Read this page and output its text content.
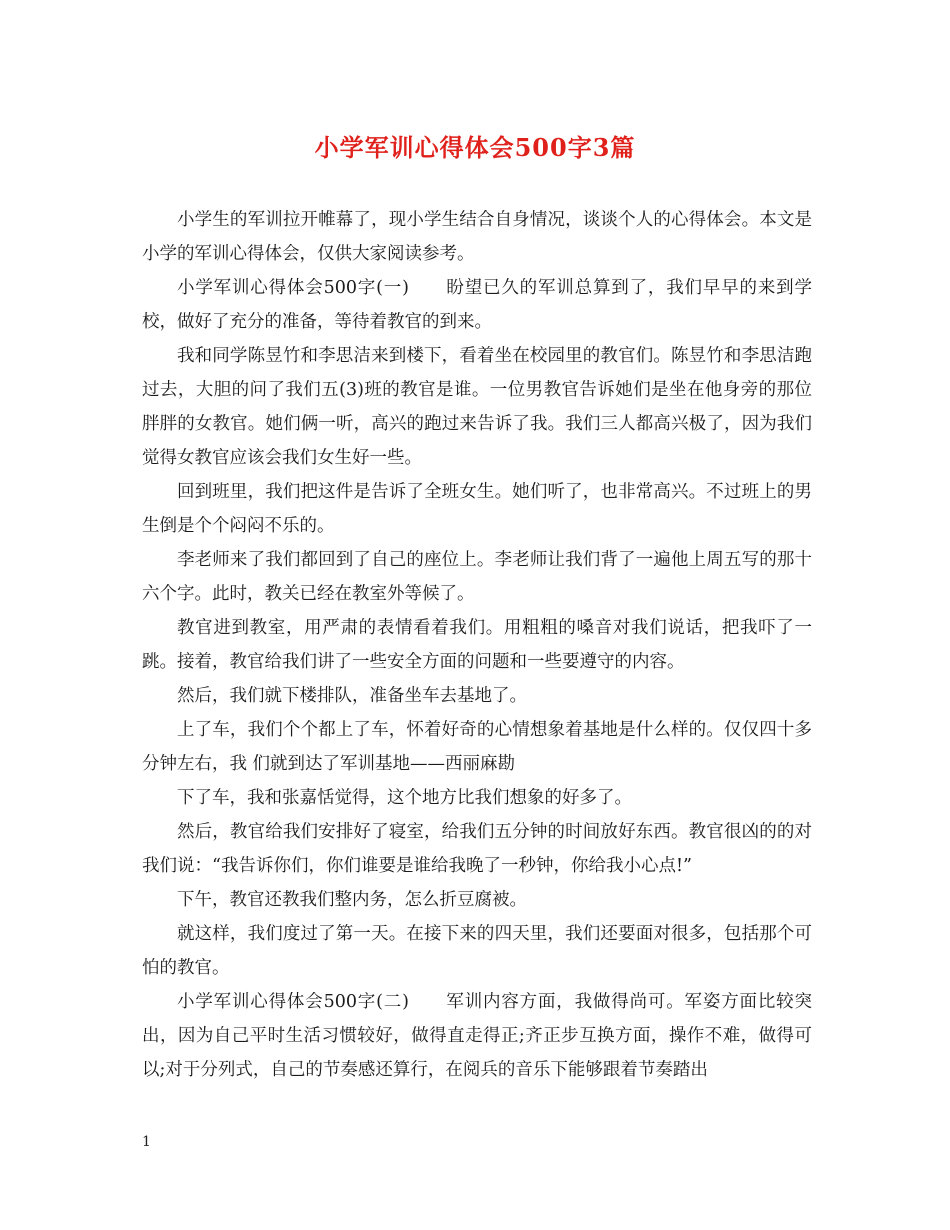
小学军训心得体会500字3篇

小学生的军训拉开帷幕了，现小学生结合自身情况，谈谈个人的心得体会。本文是小学的军训心得体会，仅供大家阅读参考。

小学军训心得体会500字(一)　　盼望已久的军训总算到了，我们早早的来到学校，做好了充分的准备，等待着教官的到来。

我和同学陈昱竹和李思洁来到楼下，看着坐在校园里的教官们。陈昱竹和李思洁跑过去，大胆的问了我们五(3)班的教官是谁。一位男教官告诉她们是坐在他身旁的那位胖胖的女教官。她们俩一听，高兴的跑过来告诉了我。我们三人都高兴极了，因为我们觉得女教官应该会我们女生好一些。

回到班里，我们把这件是告诉了全班女生。她们听了，也非常高兴。不过班上的男生倒是个个闷闷不乐的。

李老师来了我们都回到了自己的座位上。李老师让我们背了一遍他上周五写的那十六个字。此时，教关已经在教室外等候了。

教官进到教室，用严肃的表情看着我们。用粗粗的嗓音对我们说话，把我吓了一跳。接着，教官给我们讲了一些安全方面的问题和一些要遵守的内容。

然后，我们就下楼排队，准备坐车去基地了。

上了车，我们个个都上了车，怀着好奇的心情想象着基地是什么样的。仅仅四十多分钟左右，我 们就到达了军训基地——西丽麻勘

下了车，我和张嘉恬觉得，这个地方比我们想象的好多了。

然后，教官给我们安排好了寝室，给我们五分钟的时间放好东西。教官很凶的的对我们说：“我告诉你们，你们谁要是谁给我晚了一秒钟，你给我小心点!”

下午，教官还教我们整内务，怎么折豆腐被。

就这样，我们度过了第一天。在接下来的四天里，我们还要面对很多，包括那个可怕的教官。

小学军训心得体会500字(二)　　军训内容方面，我做得尚可。军姿方面比较突出，因为自己平时生活习惯较好，做得直走得正;齐正步互换方面，操作不难，做得可以;对于分列式，自己的节奏感还算行，在阅兵的音乐下能够跟着节奏踏出

1
